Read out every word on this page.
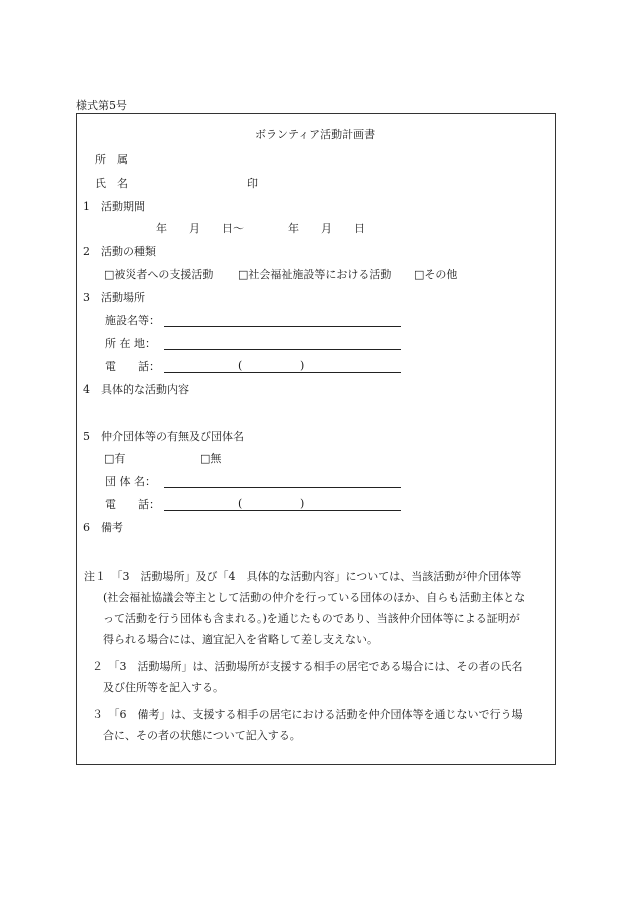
様式第5号
ボランティア活動計画書
所　属
氏　名	印
1　活動期間
年　　月　　日～　　　　年　　月　　日
2　活動の種類
□被災者への支援活動 □社会福祉施設等における活動 □その他
3　活動場所
施設名等：
所 在 地：
電　　話：	(	)
4　具体的な活動内容
5　仲介団体等の有無及び団体名
□有	□無
団 体 名：
電　　話：	(	)
6　備考
注１　「3　活動場所」及び「4　具体的な活動内容」については、当該活動が仲介団体等
(社会福祉協議会等主として活動の仲介を行っている団体のほか、自らも活動主体とな
って活動を行う団体も含まれる。)を通じたものであり、当該仲介団体等による証明が
得られる場合には、適宜記入を省略して差し支えない。
２　「3　活動場所」は、活動場所が支援する相手の居宅である場合には、その者の氏名
及び住所等を記入する。
３　「6　備考」は、支援する相手の居宅における活動を仲介団体等を通じないで行う場
合に、その者の状態について記入する。
